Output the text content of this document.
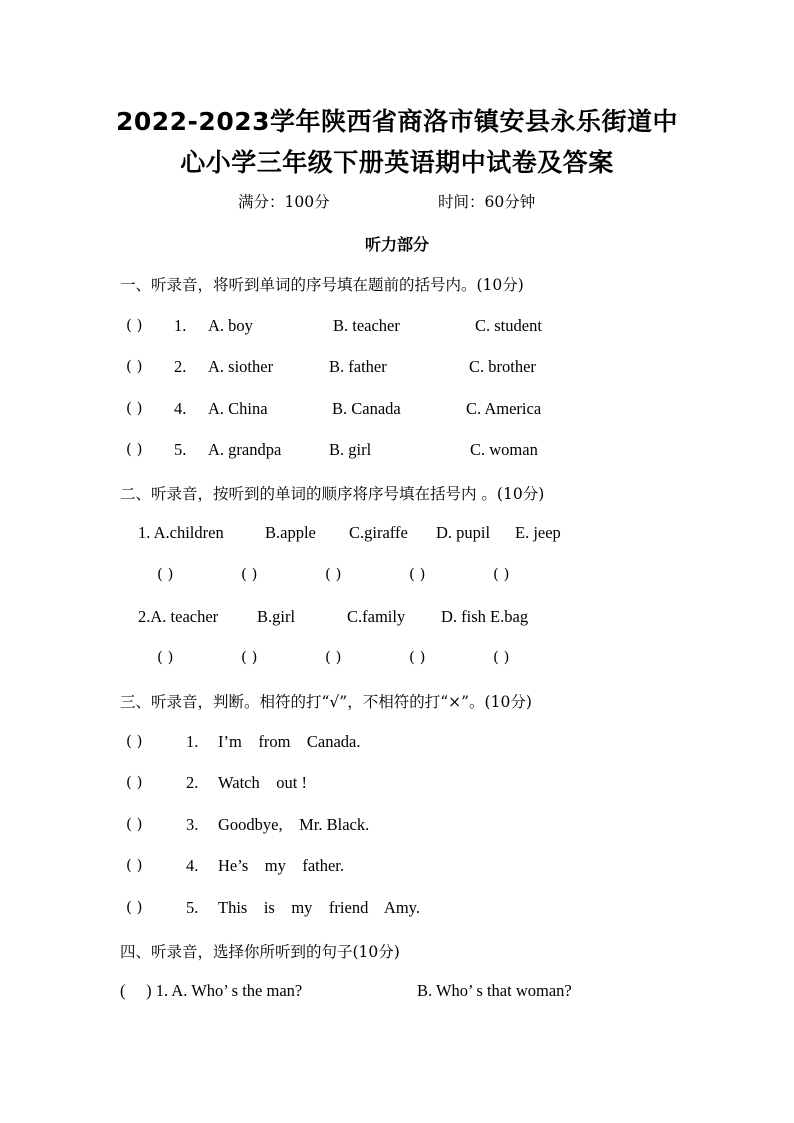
2022-2023学年陕西省商洛市镇安县永乐街道中
心小学三年级下册英语期中试卷及答案
满分：100分	时间：60分钟
听力部分
一、听录音，将听到单词的序号填在题前的括号内。(10分)
( ) 1. A. boy	B. teacher	C. student
( ) 2. A. siother	B. father	C. brother
( ) 4. A. China	B. Canada	C. America
( ) 5. A. grandpa	B. girl	C. woman
二、听录音，按听到的单词的顺序将序号填在括号内 。(10分)
1. A.children	B.apple C.giraffe D. pupil E. jeep
( )	( )	( )	( )	( )
2.A. teacher B.girl	C.family D. fish E.bag
( )	( )	( )	( )	( )
三、听录音，判断。相符的打“√”，不相符的打“×”。(10分)
( )	1. I’m    from    Canada.
( )	2. Watch    out !
( )	3. Goodbye,    Mr. Black.
( )	4. He’s    my    father.
( )	5. This    is    my    friend    Amy.
四、听录音，选择你所听到的句子(10分)
(     ) 1. A. Who’ s the man?	B. Who’ s that woman?
